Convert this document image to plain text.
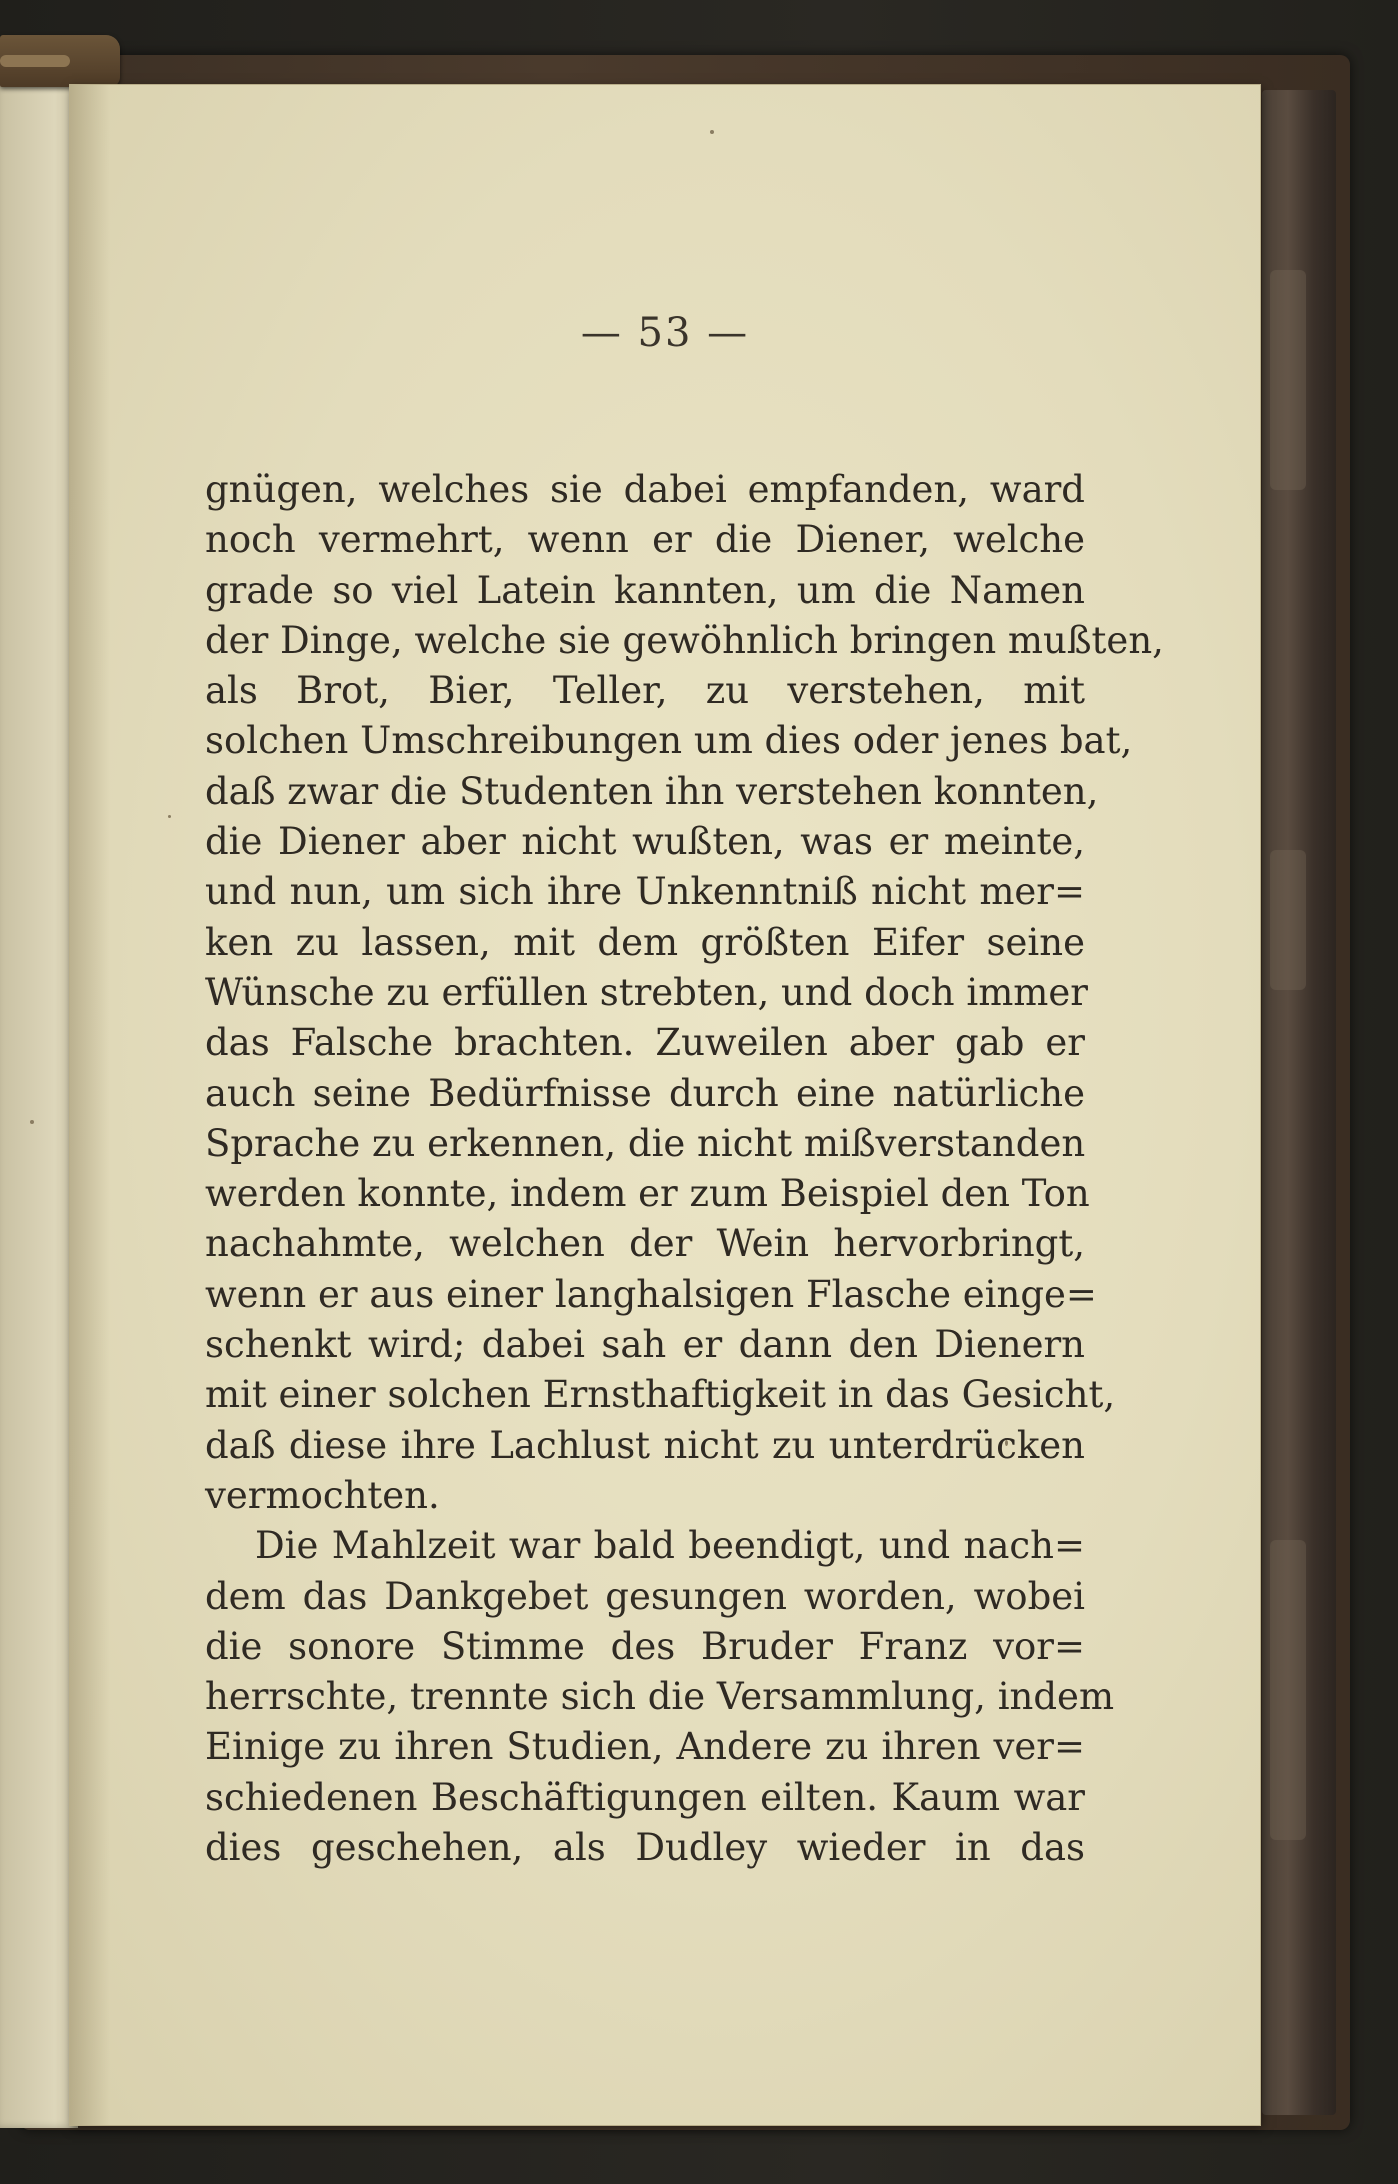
— 53 —
gnügen, welches sie dabei empfanden, ward
noch vermehrt, wenn er die Diener, welche
grade so viel Latein kannten, um die Namen
der Dinge, welche sie gewöhnlich bringen mußten,
als Brot, Bier, Teller, zu verstehen, mit
solchen Umschreibungen um dies oder jenes bat,
daß zwar die Studenten ihn verstehen konnten,
die Diener aber nicht wußten, was er meinte,
und nun, um sich ihre Unkenntniß nicht mer=
ken zu lassen, mit dem größten Eifer seine
Wünsche zu erfüllen strebten, und doch immer
das Falsche brachten. Zuweilen aber gab er
auch seine Bedürfnisse durch eine natürliche
Sprache zu erkennen, die nicht mißverstanden
werden konnte, indem er zum Beispiel den Ton
nachahmte, welchen der Wein hervorbringt,
wenn er aus einer langhalsigen Flasche einge=
schenkt wird; dabei sah er dann den Dienern
mit einer solchen Ernsthaftigkeit in das Gesicht,
daß diese ihre Lachlust nicht zu unterdrücken
vermochten.
Die Mahlzeit war bald beendigt, und nach=
dem das Dankgebet gesungen worden, wobei
die sonore Stimme des Bruder Franz vor=
herrschte, trennte sich die Versammlung, indem
Einige zu ihren Studien, Andere zu ihren ver=
schiedenen Beschäftigungen eilten. Kaum war
dies geschehen, als Dudley wieder in das
